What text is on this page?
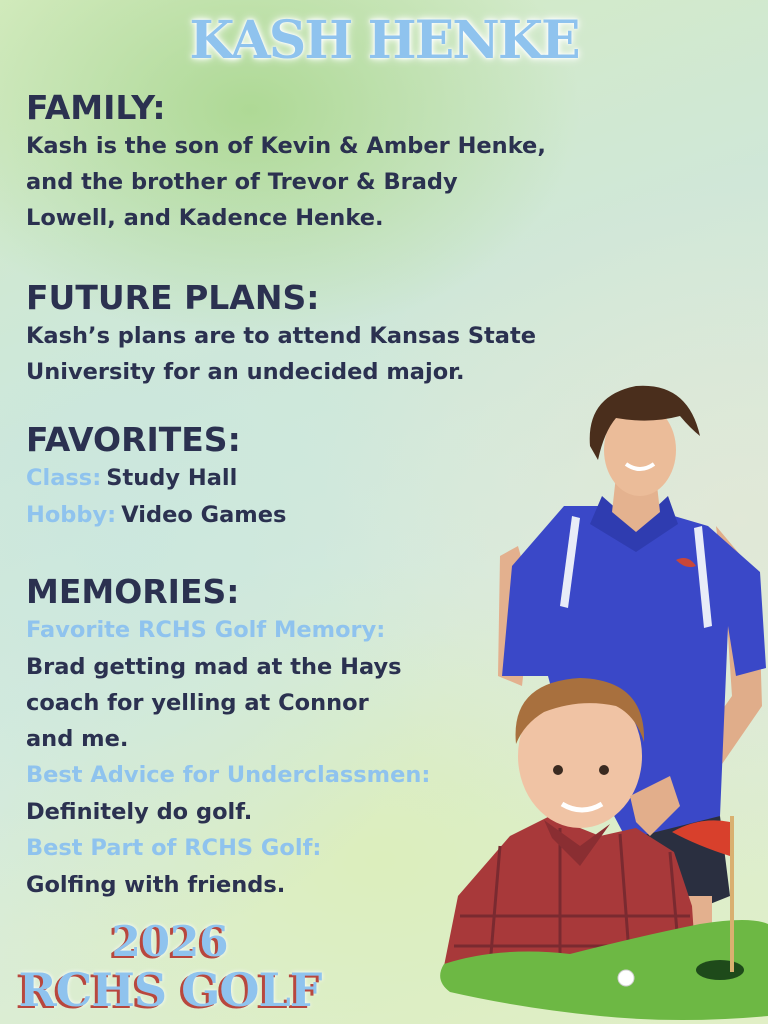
KASH HENKE

FAMILY:

Kash is the son of Kevin & Amber Henke,
and the brother of Trevor & Brady
Lowell, and Kadence Henke.

FUTURE PLANS:

Kash’s plans are to attend Kansas State
University for an undecided major.

FAVORITES:

Class: Study Hall
Hobby: Video Games

MEMORIES:

Favorite RCHS Golf Memory:

Brad getting mad at the Hays
coach for yelling at Connor
and me.

Best Advice for Underclassmen:
Definitely do golf.
Best Part of RCHS Golf:
Golfing with friends.
2026
RCHS GOLF
